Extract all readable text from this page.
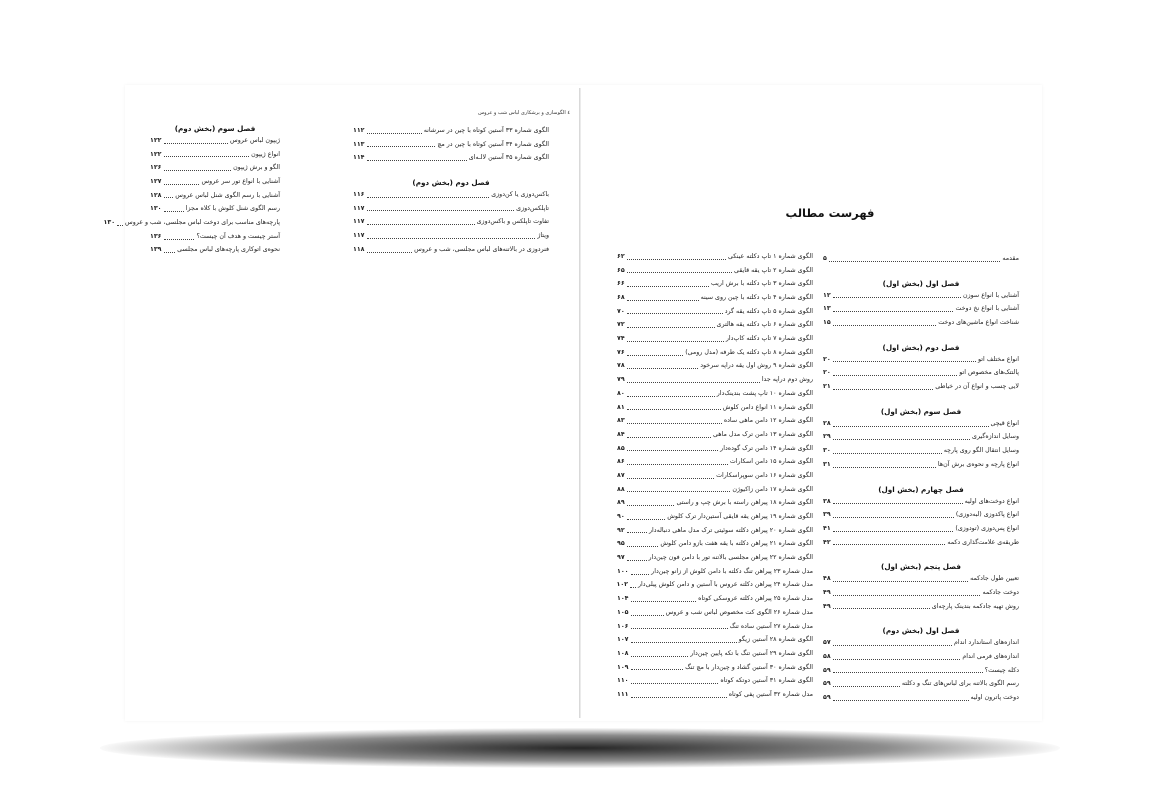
٤ الگوسازی و برشکاری لباس شب و عروس
فهرست مطالب
مقدمه
۵
فصل اول (بخش اول)
آشنایی با انواع سوزن
۱۲
آشنایی با انواع نخ دوخت
۱۳
شناخت انواع ماشین‌های دوخت
۱۵
فصل دوم (بخش اول)
انواع مختلف اتو
۲۰
پالتتک‌های مخصوص اتو
۲۰
لایی چسب و انواع آن در خیاطی
۲۱
فصل سوم (بخش اول)
انواع قیچی
۲۸
وسایل اندازه‌گیری
۲۹
وسایل انتقال الگو روی پارچه
۳۰
انواع پارچه و نحوه‌ی برش آن‌ها
۳۱
فصل چهارم (بخش اول)
انواع دوخت‌های اولیه
۳۸
انواع پاکدوزی (لبه‌دوزی)
۳۹
انواع پس‌دوزی (تودوزی)
۴۱
طریقه‌ی علامت‌گذاری دکمه
۴۲
فصل پنجم (بخش اول)
تعیین طول جادکمه
۴۸
دوخت جادکمه
۴۹
روش تهیه جادکمه بندینک پارچه‌ای
۴۹
فصل اول (بخش دوم)
اندازه‌های استاندارد اندام
۵۷
اندازه‌های فرمی اندام
۵۸
دکله چیست؟
۵۹
رسم الگوی بالاتنه برای لباس‌های تنگ و دکلته
۵۹
دوخت پاترون اولیه
۵۹
الگوی شماره ۱ تاپ دکلته عینکی
۶۲
الگوی شماره ۲ تاپ یقه قایقی
۶۵
الگوی شماره ۳ تاپ دکلته با برش اریب
۶۶
الگوی شماره ۴ تاپ دکلته با چین روی سینه
۶۸
الگوی شماره ۵ تاپ دکلته یقه گرد
۷۰
الگوی شماره ۶ تاپ دکلته یقه هالتری
۷۲
الگوی شماره ۷ تاپ دکلته کاپ‌دار
۷۴
الگوی شماره ۸ تاپ دکلته یک طرفه (مدل رومی)
۷۶
الگوی شماره ۹ روش اول یقه دراپه سرخود
۷۸
روش دوم دراپه جدا
۷۹
الگوی شماره ۱۰ تاپ پشت بندینک‌دار
۸۰
الگوی شماره ۱۱ انواع دامن کلوش
۸۱
الگوی شماره ۱۲ دامن ماهی ساده
۸۳
الگوی شماره ۱۳ دامن ترک مدل ماهی
۸۴
الگوی شماره ۱۴ دامن ترک گوده‌دار
۸۵
الگوی شماره ۱۵ دامن اسکارات
۸۶
الگوی شماره ۱۶ دامن سوپراسکارات
۸۷
الگوی شماره ۱۷ دامن زاکیوژن
۸۸
الگوی شماره ۱۸ پیراهن راسته با برش چپ و راستی
۸۹
الگوی شماره ۱۹ پیراهن یقه قایقی آستین‌دار ترک کلوش
۹۰
الگوی شماره ۲۰ پیراهن دکلته سوئیتی ترک مدل ماهی دنباله‌دار
۹۲
الگوی شماره ۲۱ پیراهن دکلته با یقه هفت بازو دامن کلوش
۹۵
الگوی شماره ۲۲ پیراهن مجلسی بالاتنه تور با دامن فون چین‌دار
۹۷
مدل شماره ۲۳ پیراهن تنگ دکلته با دامن کلوش از زانو چین‌دار
۱۰۰
مدل شماره ۲۴ پیراهن دکلته عروس با آستین و دامن کلوش پیلی‌دار
۱۰۲
مدل شماره ۲۵ پیراهن دکلته عروسکی کوتاه
۱۰۴
مدل شماره ۲۶ الگوی کت مخصوص لباس شب و عروس
۱۰۵
مدل شماره ۲۷ آستین ساده تنگ
۱۰۶
الگوی شماره ۲۸ آستین زیگو
۱۰۷
الگوی شماره ۲۹ آستین تنگ با تکه پایین چین‌دار
۱۰۸
الگوی شماره ۳۰ آستین گشاد و چین‌دار با مچ تنگ
۱۰۹
الگوی شماره ۳۱ آستین دوتکه کوتاه
۱۱۰
مدل شماره ۳۲ آستین پفی کوتاه
۱۱۱
الگوی شماره ۳۳ آستین کوتاه با چین در سرشانه
۱۱۲
الگوی شماره ۳۴ آستین کوتاه با چین در مچ
۱۱۳
الگوی شماره ۳۵ آستین لالـه‌ای
۱۱۴
فصل دوم (بخش دوم)
باکس‌دوزی یا کن‌دوزی
۱۱۶
تاپلکس‌دوزی
۱۱۷
تفاوت تاپلکس و باکس‌دوزی
۱۱۷
ویتاژ
۱۱۷
فنردوزی در بالاتنه‌های لباس مجلسی، شب و عروس
۱۱۸
فصل سوم (بخش دوم)
ژیپون لباس عروس
۱۲۲
انواع ژیپون
۱۲۲
الگو و برش ژیپون
۱۲۶
آشنایی با انواع تور سر عروس
۱۲۷
آشنایی با رسم الگوی شنل لباس عروس
۱۲۸
رسم الگوی شنل کلوش با کلاه مجزا
۱۳۰
پارچه‌های مناسب برای دوخت لباس مجلسی، شب و عروس
۱۳۰
آستر چیست و هدف آن چیست؟
۱۳۶
نحوه‌ی اتوکاری پارچه‌های لباس مجلسی
۱۳۹
